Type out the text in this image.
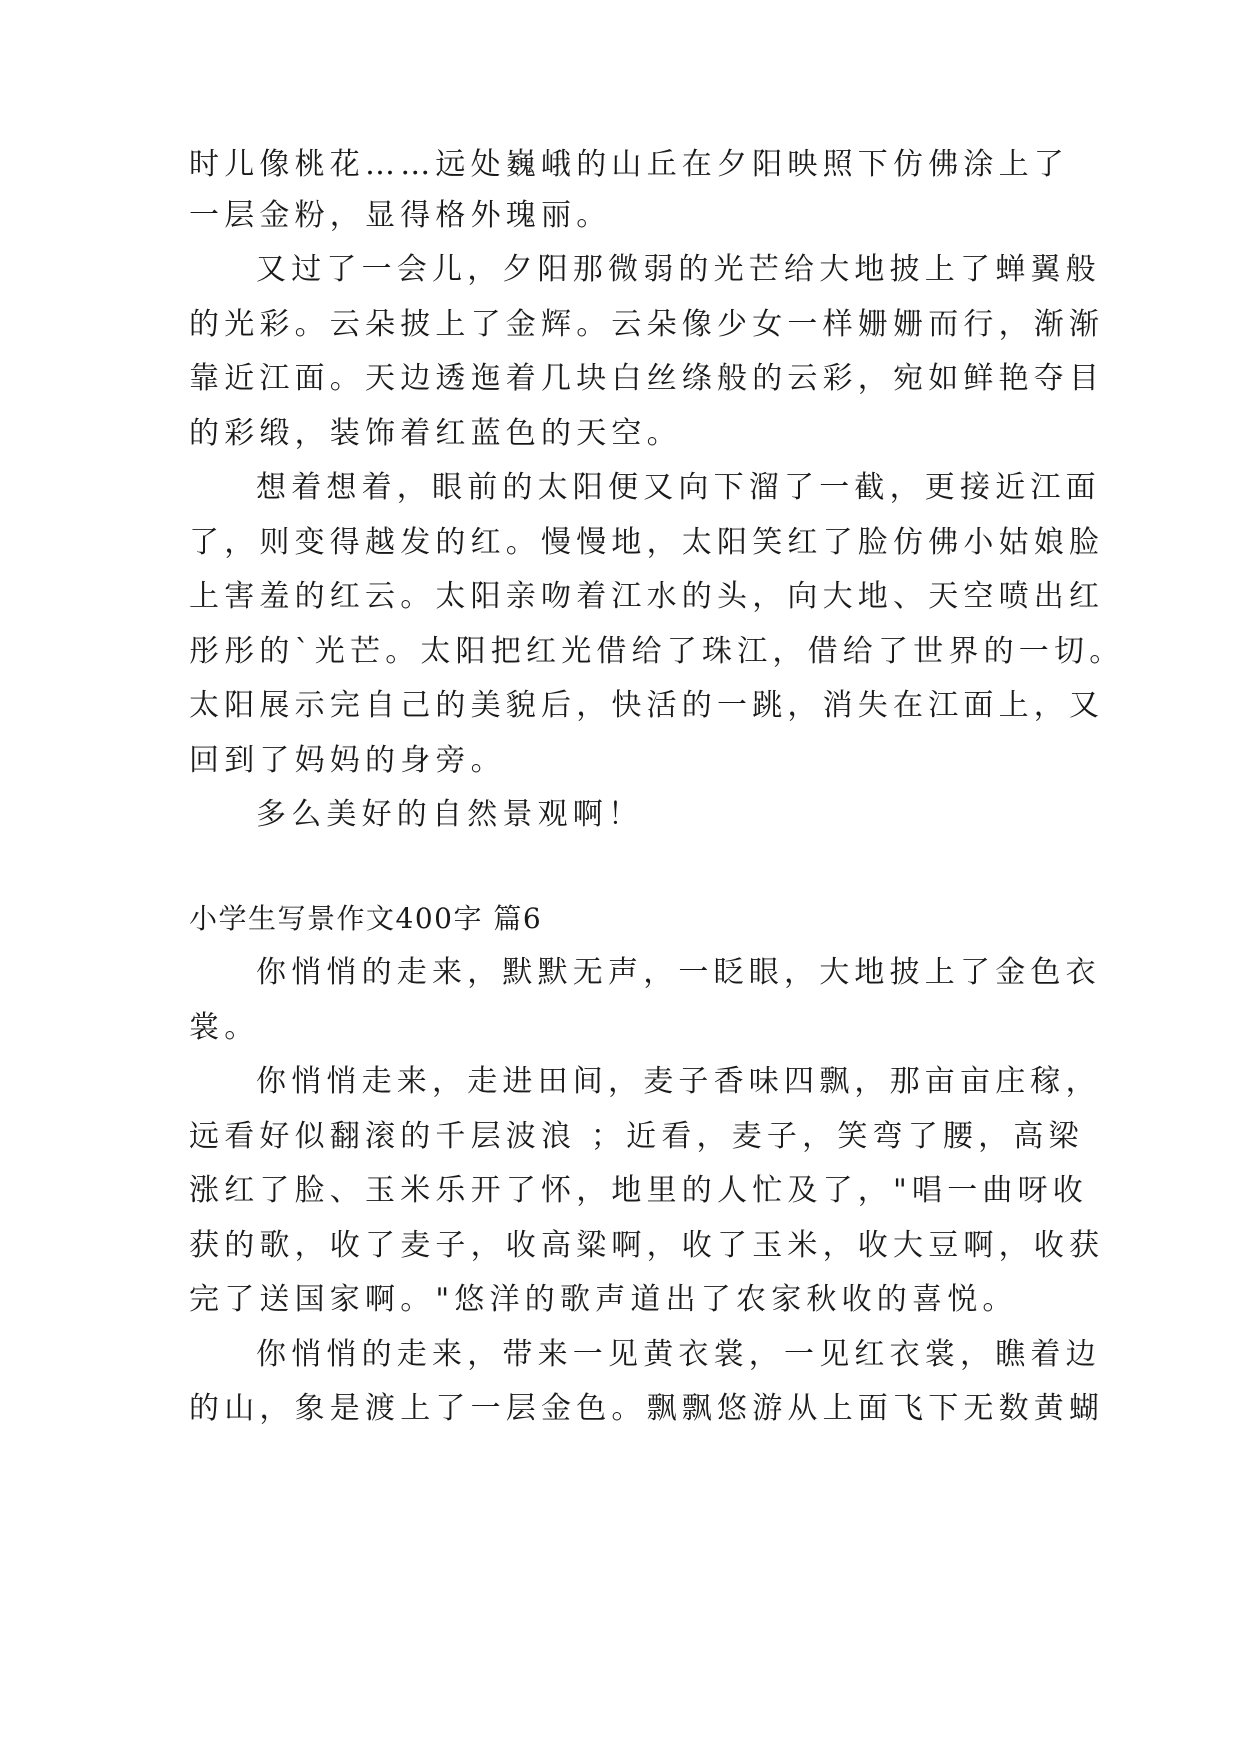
时儿像桃花……远处巍峨的山丘在夕阳映照下仿佛涂上了
一层金粉，显得格外瑰丽。
又过了一会儿，夕阳那微弱的光芒给大地披上了蝉翼般
的光彩。云朵披上了金辉。云朵像少女一样姗姗而行，渐渐
靠近江面。天边透迤着几块白丝绦般的云彩，宛如鲜艳夺目
的彩缎，装饰着红蓝色的天空。
想着想着，眼前的太阳便又向下溜了一截，更接近江面
了，则变得越发的红。慢慢地，太阳笑红了脸仿佛小姑娘脸
上害羞的红云。太阳亲吻着江水的头，向大地、天空喷出红
彤彤的`光芒。太阳把红光借给了珠江，借给了世界的一切。
太阳展示完自己的美貌后，快活的一跳，消失在江面上，又
回到了妈妈的身旁。
多么美好的自然景观啊！
小学生写景作文400字 篇6
你悄悄的走来，默默无声，一眨眼，大地披上了金色衣
裳。
你悄悄走来，走进田间，麦子香味四飘，那亩亩庄稼，
远看好似翻滚的千层波浪 ；近看，麦子，笑弯了腰，高梁
涨红了脸、玉米乐开了怀，地里的人忙及了，"唱一曲呀收
获的歌，收了麦子，收高粱啊，收了玉米，收大豆啊，收获
完了送国家啊。"悠洋的歌声道出了农家秋收的喜悦。
你悄悄的走来，带来一见黄衣裳，一见红衣裳，瞧着边
的山，象是渡上了一层金色。飘飘悠游从上面飞下无数黄蝴
